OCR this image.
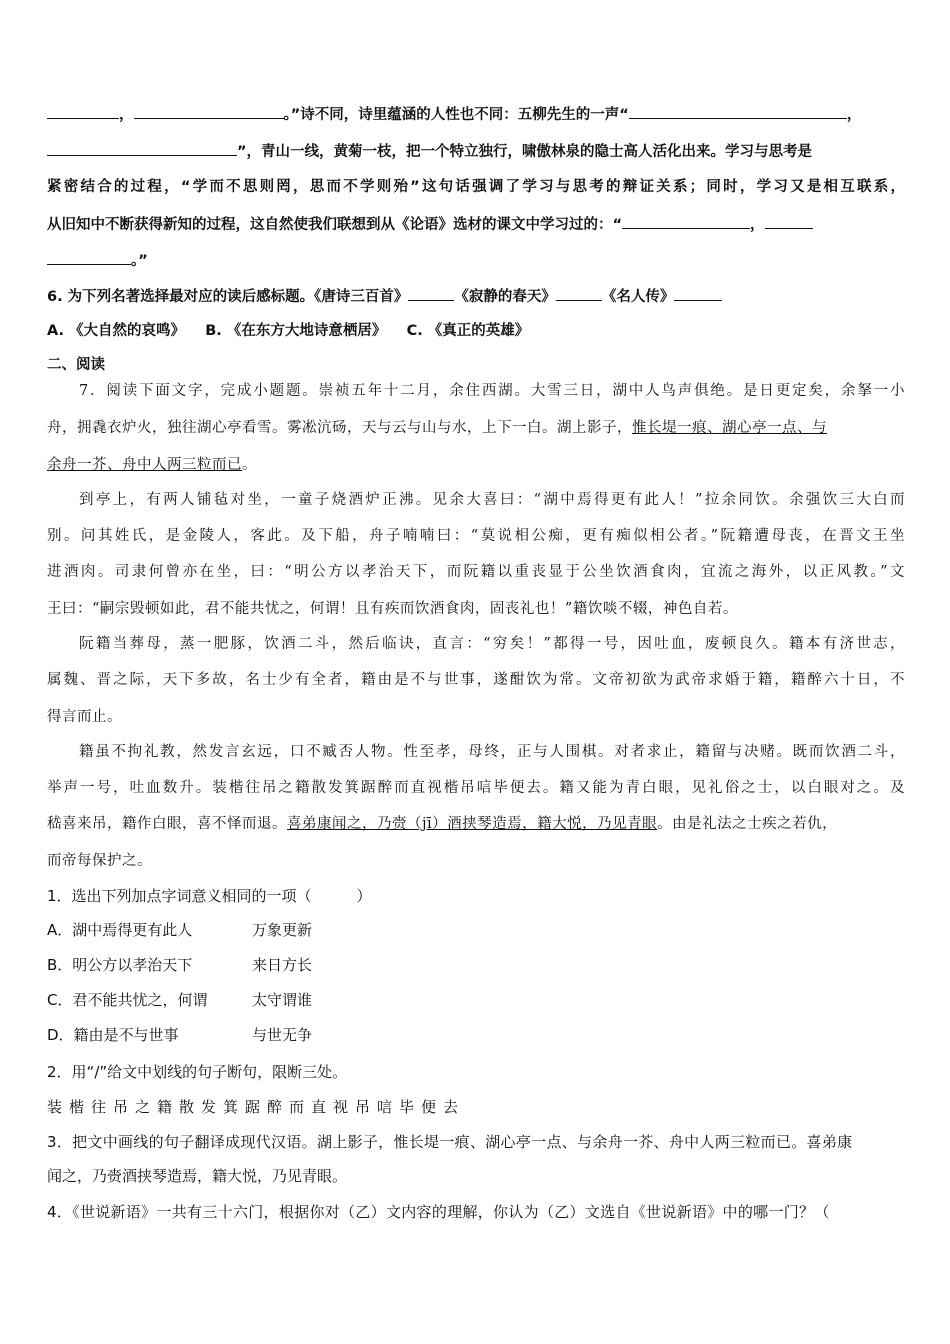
，	。”诗不同，诗里蕴涵的人性也不同：五柳先生的一声“	，
”，青山一线，黄菊一枝，把一个特立独行，啸傲林泉的隐士高人活化出来。学习与思考是
紧密结合的过程，“学而不思则罔，思而不学则殆”这句话强调了学习与思考的辩证关系；同时，学习又是相互联系，
从旧知中不断获得新知的过程，这自然使我们联想到从《论语》选材的课文中学习过的：“	，
。”
6. 为下列名著选择最对应的读后感标题。《唐诗三百首》	《寂静的春天》	《名人传》
A. 《大自然的哀鸣》 B. 《在东方大地诗意栖居》 C. 《真正的英雄》
二、阅读
7．阅读下面文字，完成小题题。崇祯五年十二月，余住西湖。大雪三日，湖中人鸟声俱绝。是日更定矣，余拏一小
舟，拥毳衣炉火，独往湖心亭看雪。雾凇沆砀，天与云与山与水，上下一白。湖上影子，惟长堤一痕、湖心亭一点、与
余舟一芥、舟中人两三粒而已。
到亭上，有两人铺毡对坐，一童子烧酒炉正沸。见余大喜曰：“湖中焉得更有此人！”拉余同饮。余强饮三大白而
别。问其姓氏，是金陵人，客此。及下船，舟子喃喃曰：“莫说相公痴，更有痴似相公者。”阮籍遭母丧，在晋文王坐
进酒肉。司隶何曾亦在坐，曰：“明公方以孝治天下，而阮籍以重丧显于公坐饮酒食肉，宜流之海外，以正风教。”文
王曰：“嗣宗毁顿如此，君不能共忧之，何谓！且有疾而饮酒食肉，固丧礼也！”籍饮啖不辍，神色自若。
阮籍当葬母，蒸一肥豚，饮酒二斗，然后临诀，直言：“穷矣！”都得一号，因吐血，废顿良久。籍本有济世志，
属魏、晋之际，天下多故，名士少有全者，籍由是不与世事，遂酣饮为常。文帝初欲为武帝求婚于籍，籍醉六十日，不
得言而止。
籍虽不拘礼教，然发言玄远，口不臧否人物。性至孝，母终，正与人围棋。对者求止，籍留与决赌。既而饮酒二斗，
举声一号，吐血数升。装楷往吊之籍散发箕踞醉而直视楷吊唁毕便去。籍又能为青白眼，见礼俗之士，以白眼对之。及
嵇喜来吊，籍作白眼，喜不怿而退。喜弟康闻之，乃赍（jī）酒挟琴造焉，籍大悦，乃见青眼。由是礼法之士疾之若仇，
而帝每保护之。
1．选出下列加点字词意义相同的一项（　　　）
A．湖中焉得更有此人	万象更新
B．明公方以孝治天下	来日方长
C．君不能共忧之，何谓	太守谓谁
D．籍由是不与世事	与世无争
2．用“/”给文中划线的句子断句，限断三处。
装楷往吊之籍散发箕踞醉而直视吊唁毕便去
3．把文中画线的句子翻译成现代汉语。湖上影子，惟长堤一痕、湖心亭一点、与余舟一芥、舟中人两三粒而已。喜弟康
闻之，乃赍酒挟琴造焉，籍大悦，乃见青眼。
4．《世说新语》一共有三十六门，根据你对（乙）文内容的理解，你认为（乙）文选自《世说新语》中的哪一门？（
